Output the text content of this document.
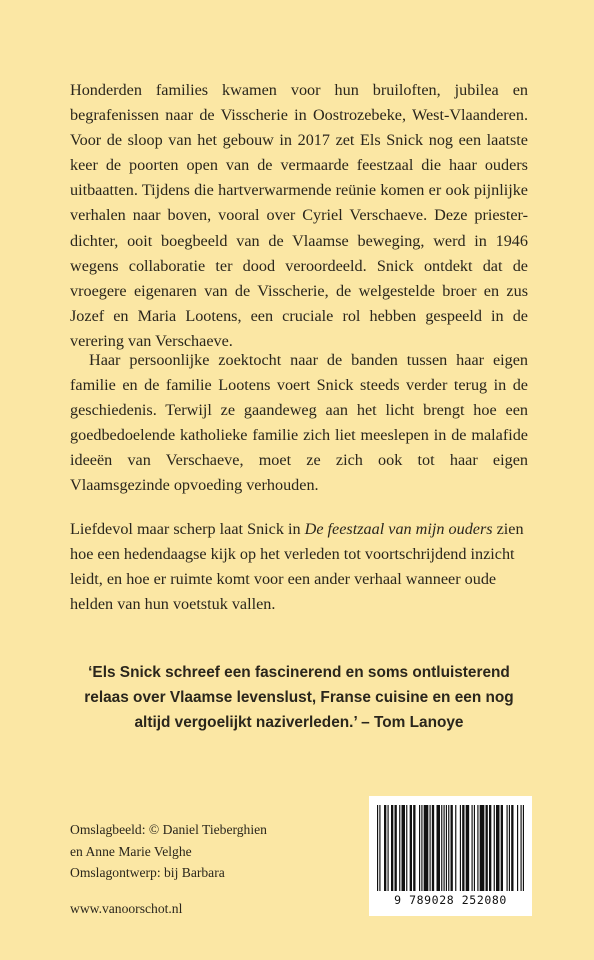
Honderden families kwamen voor hun bruiloften, jubilea en begrafenissen naar de Visscherie in Oostrozebeke, West-Vlaanderen. Voor de sloop van het gebouw in 2017 zet Els Snick nog een laatste keer de poorten open van de vermaarde feestzaal die haar ouders uitbaatten. Tijdens die hartverwarmende reünie komen er ook pijnlijke verhalen naar boven, vooral over Cyriel Verschaeve. Deze priester-dichter, ooit boegbeeld van de Vlaamse beweging, werd in 1946 wegens collaboratie ter dood veroordeeld. Snick ontdekt dat de vroegere eigenaren van de Visscherie, de welgestelde broer en zus Jozef en Maria Lootens, een cruciale rol hebben gespeeld in de verering van Verschaeve.

Haar persoonlijke zoektocht naar de banden tussen haar eigen familie en de familie Lootens voert Snick steeds verder terug in de geschiedenis. Terwijl ze gaandeweg aan het licht brengt hoe een goedbedoelende katholieke familie zich liet meeslepen in de malafide ideeën van Verschaeve, moet ze zich ook tot haar eigen Vlaamsgezinde opvoeding verhouden.

Liefdevol maar scherp laat Snick in De feestzaal van mijn ouders zien hoe een hedendaagse kijk op het verleden tot voortschrijdend inzicht leidt, en hoe er ruimte komt voor een ander verhaal wanneer oude helden van hun voetstuk vallen.

‘Els Snick schreef een fascinerend en soms ontluisterend relaas over Vlaamse levenslust, Franse cuisine en een nog altijd vergoelijkt naziverleden.’ – Tom Lanoye
Omslagbeeld: © Daniel Tieberghien
en Anne Marie Velghe
Omslagontwerp: bij Barbara
www.vanoorschot.nl
9 789028 252080
